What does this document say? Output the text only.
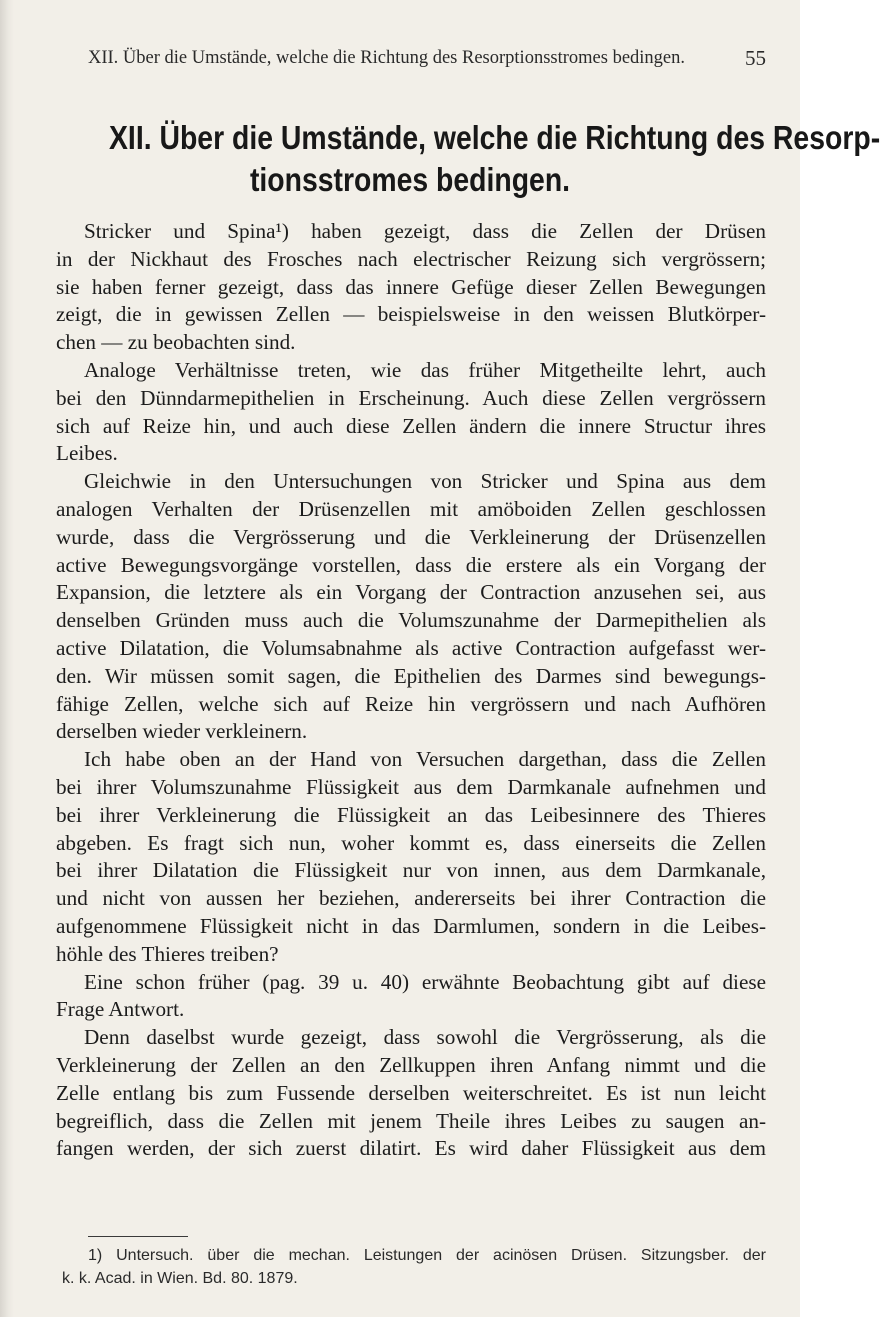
XII. Über die Umstände, welche die Richtung des Resorptionsstromes bedingen.	55
XII. Über die Umstände, welche die Richtung des Resorp-
tionsstromes bedingen.
Stricker und Spina¹) haben gezeigt, dass die Zellen der Drüsen
in der Nickhaut des Frosches nach electrischer Reizung sich vergrössern;
sie haben ferner gezeigt, dass das innere Gefüge dieser Zellen Bewegungen
zeigt, die in gewissen Zellen — beispielsweise in den weissen Blutkörper-
chen — zu beobachten sind.
Analoge Verhältnisse treten, wie das früher Mitgetheilte lehrt, auch
bei den Dünndarmepithelien in Erscheinung. Auch diese Zellen vergrössern
sich auf Reize hin, und auch diese Zellen ändern die innere Structur ihres
Leibes.
Gleichwie in den Untersuchungen von Stricker und Spina aus dem
analogen Verhalten der Drüsenzellen mit amöboiden Zellen geschlossen
wurde, dass die Vergrösserung und die Verkleinerung der Drüsenzellen
active Bewegungsvorgänge vorstellen, dass die erstere als ein Vorgang der
Expansion, die letztere als ein Vorgang der Contraction anzusehen sei, aus
denselben Gründen muss auch die Volumszunahme der Darmepithelien als
active Dilatation, die Volumsabnahme als active Contraction aufgefasst wer-
den. Wir müssen somit sagen, die Epithelien des Darmes sind bewegungs-
fähige Zellen, welche sich auf Reize hin vergrössern und nach Aufhören
derselben wieder verkleinern.
Ich habe oben an der Hand von Versuchen dargethan, dass die Zellen
bei ihrer Volumszunahme Flüssigkeit aus dem Darmkanale aufnehmen und
bei ihrer Verkleinerung die Flüssigkeit an das Leibesinnere des Thieres
abgeben. Es fragt sich nun, woher kommt es, dass einerseits die Zellen
bei ihrer Dilatation die Flüssigkeit nur von innen, aus dem Darmkanale,
und nicht von aussen her beziehen, andererseits bei ihrer Contraction die
aufgenommene Flüssigkeit nicht in das Darmlumen, sondern in die Leibes-
höhle des Thieres treiben?
Eine schon früher (pag. 39 u. 40) erwähnte Beobachtung gibt auf diese
Frage Antwort.
Denn daselbst wurde gezeigt, dass sowohl die Vergrösserung, als die
Verkleinerung der Zellen an den Zellkuppen ihren Anfang nimmt und die
Zelle entlang bis zum Fussende derselben weiterschreitet. Es ist nun leicht
begreiflich, dass die Zellen mit jenem Theile ihres Leibes zu saugen an-
fangen werden, der sich zuerst dilatirt. Es wird daher Flüssigkeit aus dem
1) Untersuch. über die mechan. Leistungen der acinösen Drüsen. Sitzungsber. der
k. k. Acad. in Wien. Bd. 80. 1879.
